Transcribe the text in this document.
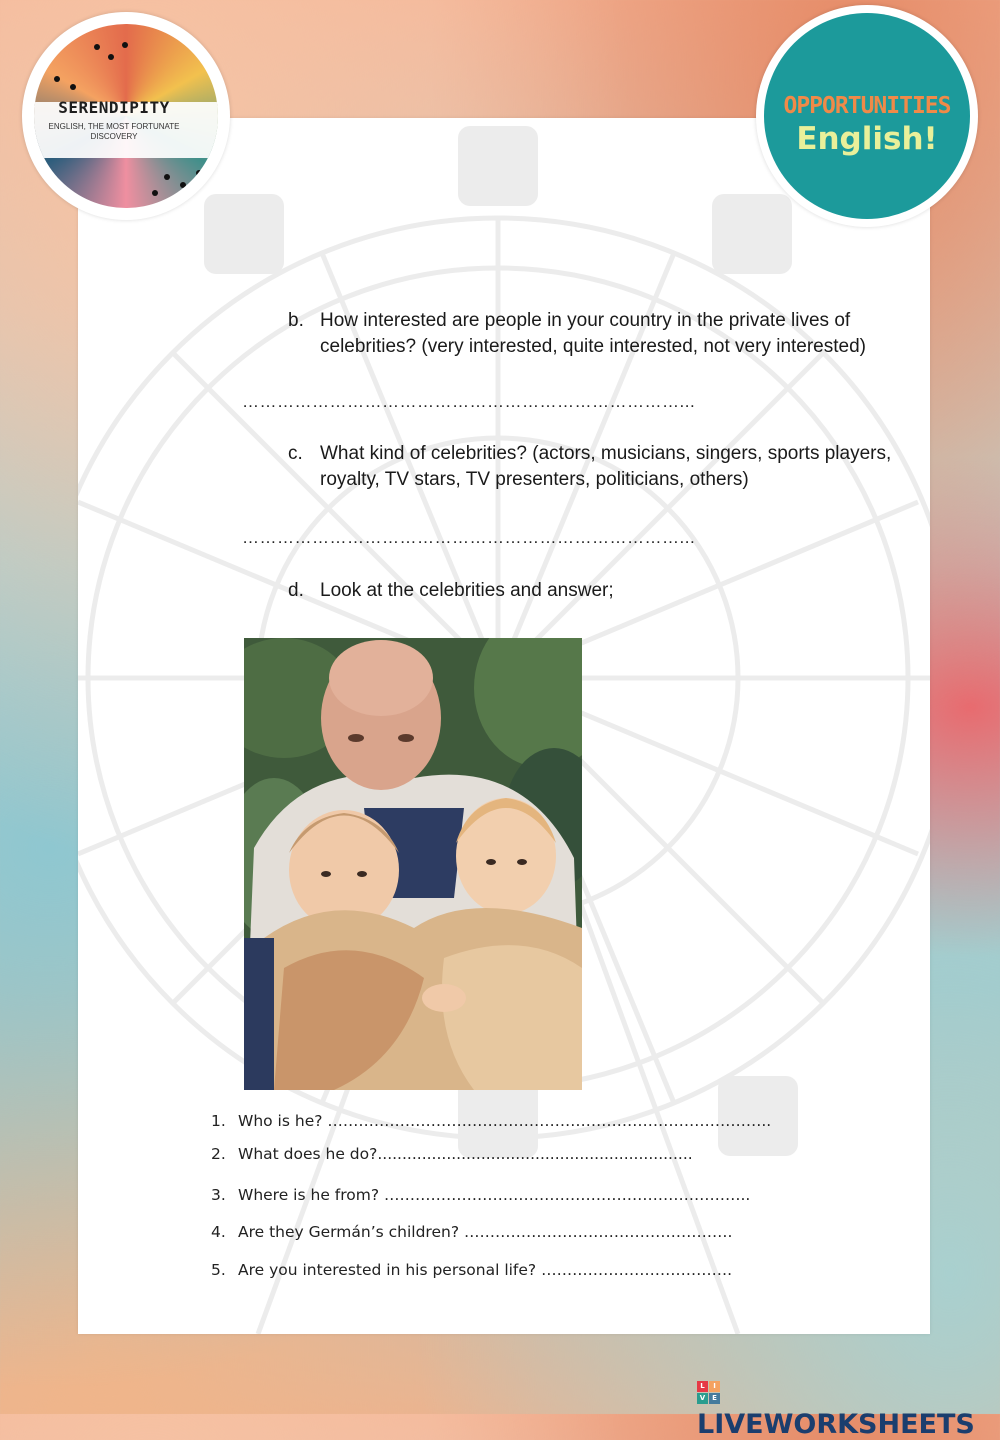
b. How interested are people in your country in the private lives of celebrities? (very interested, quite interested, not very interested)
…………………………………………………………………...
c. What kind of celebrities? (actors, musicians, singers, sports players, royalty, TV stars, TV presenters, politicians, others)
…………………………………………………………………...
d. Look at the celebrities and answer;
SERENDIPITY
ENGLISH, THE MOST FORTUNATE DISCOVERY
OPPORTUNITIES
English!
1. Who is he? …………………………………………………………………………..
2. What does he do?................................................................
3. Where is he from? ……………………………………………………………..
4. Are they Germán’s children? …………………………………………….
5. Are you interested in his personal life? ……………………………….
L	I
V E
LIVEWORKSHEETS
